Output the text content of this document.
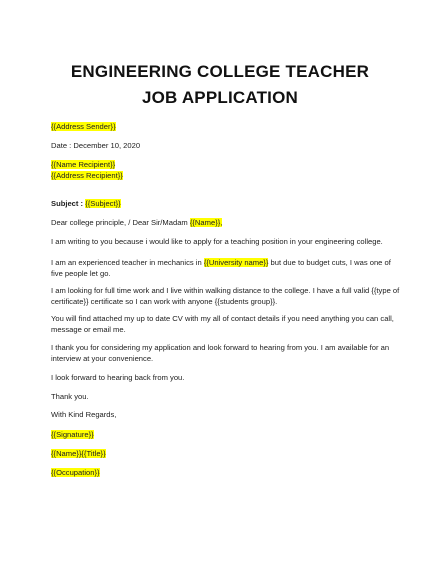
ENGINEERING COLLEGE TEACHER
JOB APPLICATION
{{Address Sender}}
Date : December 10, 2020
{{Name Recipient}}
{{Address Recipient}}
Subject : {{Subject}}
Dear college principle, / Dear Sir/Madam {{Name}},
I am writing to you because i would like to apply for a teaching position in your engineering college.
I am an experienced teacher in mechanics in {{University name}} but due to budget cuts, I was one of
five people let go.
I am looking for full time work and I live within walking distance to the college. I have a full valid {{type of
certificate}} certificate so I can work with anyone {{students group}}.
You will find attached my up to date CV with my all of contact details if you need anything you can call,
message or email me.
I thank you for considering my application and look forward to hearing from you. I am available for an
interview at your convenience.
I look forward to hearing back from you.
Thank you.
With Kind Regards,
{{Signature}}
{{Name}}{{Title}}
{{Occupation}}
